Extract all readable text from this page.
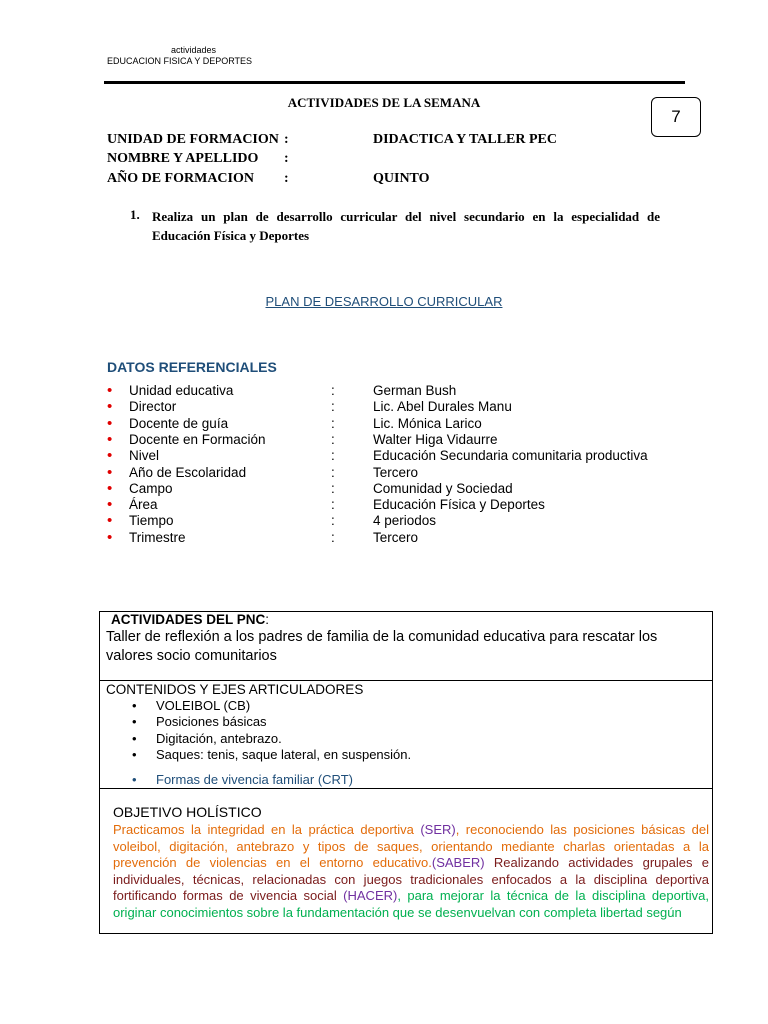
actividades
EDUCACION FISICA Y DEPORTES
ACTIVIDADES DE LA SEMANA
7
UNIDAD DE FORMACION :	DIDACTICA Y TALLER PEC
NOMBRE Y APELLIDO :
AÑO DE FORMACION :	QUINTO
1. Realiza un plan de desarrollo curricular del nivel secundario en la especialidad de Educación Física y Deportes
PLAN DE DESARROLLO CURRICULAR
DATOS REFERENCIALES
• Unidad educativa	:	German Bush
• Director	:	Lic. Abel Durales Manu
• Docente de guía	:	Lic. Mónica Larico
• Docente en Formación	:	Walter Higa Vidaurre
• Nivel	:	Educación Secundaria comunitaria productiva
• Año de Escolaridad	:	Tercero
• Campo	:	Comunidad y Sociedad
• Área	:	Educación Física y Deportes
• Tiempo	:	4 periodos
• Trimestre	:	Tercero
ACTIVIDADES DEL PNC:
Taller de reflexión a los padres de familia de la comunidad educativa para rescatar los valores socio comunitarios
CONTENIDOS Y EJES ARTICULADORES
• VOLEIBOL (CB)
• Posiciones básicas
• Digitación, antebrazo.
• Saques: tenis, saque lateral, en suspensión.
• Formas de vivencia familiar (CRT)
OBJETIVO HOLÍSTICO
Practicamos la integridad en la práctica deportiva (SER), reconociendo las posiciones básicas del voleibol, digitación, antebrazo y tipos de saques, orientando mediante charlas orientadas a la prevención de violencias en el entorno educativo.(SABER) Realizando actividades grupales e individuales, técnicas, relacionadas con juegos tradicionales enfocados a la disciplina deportiva fortificando formas de vivencia social (HACER), para mejorar la técnica de la disciplina deportiva, originar conocimientos sobre la fundamentación que se desenvuelvan con completa libertad según
